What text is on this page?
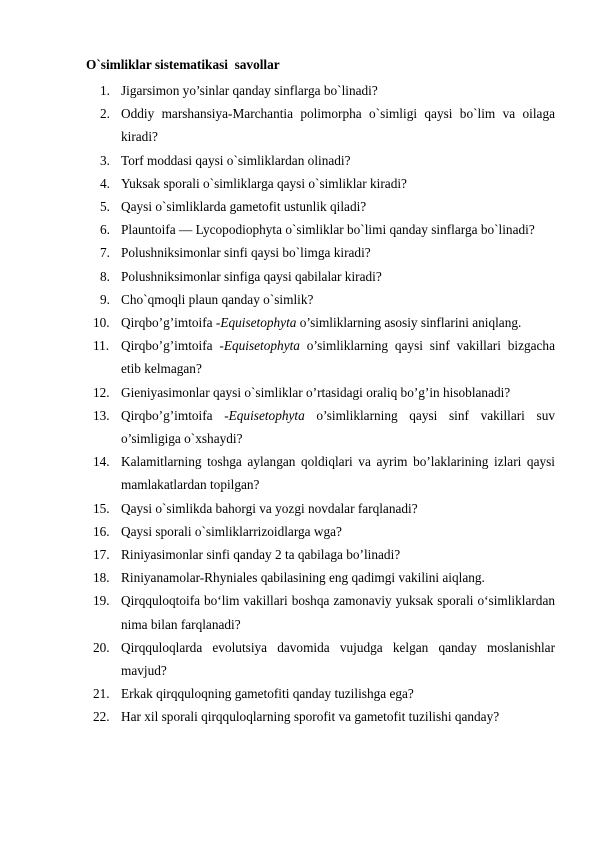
O`simliklar sistematikasi  savollar
1. Jigarsimon yo’sinlar qanday sinflarga bo`linadi?
2. Oddiy marshansiya-Marchantia polimorpha o`simligi qaysi bo`lim va oilaga kiradi?
3. Torf moddasi qaysi o`simliklardan olinadi?
4. Yuksak sporali o`simliklarga qaysi o`simliklar kiradi?
5. Qaysi o`simliklarda gametofit ustunlik qiladi?
6. Plauntoifa — Lycopodiophyta o`simliklar bo`limi qanday sinflarga bo`linadi?
7. Polushniksimonlar sinfi qaysi bo`limga kiradi?
8. Polushniksimonlar sinfiga qaysi qabilalar kiradi?
9. Cho`qmoqli plaun qanday o`simlik?
10. Qirqbo’g’imtoifa -Equisetophyta o’simliklarning asosiy sinflarini aniqlang.
11. Qirqbo’g’imtoifa -Equisetophyta o’simliklarning qaysi sinf vakillari bizgacha etib kelmagan?
12. Gieniyasimonlar qaysi o`simliklar o’rtasidagi oraliq bo’g’in hisoblanadi?
13. Qirqbo’g’imtoifa -Equisetophyta o’simliklarning qaysi sinf vakillari suv o’simligiga o`xshaydi?
14. Kalamitlarning toshga aylangan qoldiqlari va ayrim bo’laklarining izlari qaysi mamlakatlardan topilgan?
15. Qaysi o`simlikda bahorgi va yozgi novdalar farqlanadi?
16. Qaysi sporali o`simliklarrizoidlarga wga?
17. Riniyasimonlar sinfi qanday 2 ta qabilaga bo’linadi?
18. Riniyanamolar-Rhyniales qabilasining eng qadimgi vakilini aiqlang.
19. Qirqquloqtoifa bo‘lim vakillari boshqa zamonaviy yuksak sporali o‘simliklardan nima bilan farqlanadi?
20. Qirqquloqlarda evolutsiya davomida vujudga kelgan qanday moslanishlar mavjud?
21. Erkak qirqquloqning gametofiti qanday tuzilishga ega?
22. Har xil sporali qirqquloqlarning sporofit va gametofit tuzilishi qanday?
